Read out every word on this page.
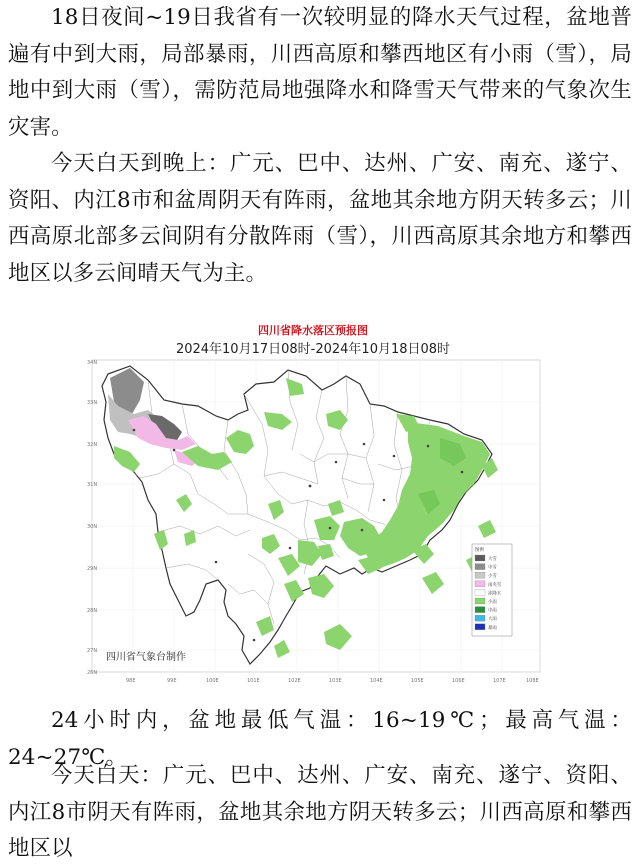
18日夜间~19日我省有一次较明显的降水天气过程，盆地普遍有中到大雨，局部暴雨，川西高原和攀西地区有小雨（雪），局地中到大雨（雪），需防范局地强降水和降雪天气带来的气象次生灾害。

今天白天到晚上：广元、巴中、达州、广安、南充、遂宁、资阳、内江8市和盆周阴天有阵雨，盆地其余地方阴天转多云；川西高原北部多云间阴有分散阵雨（雪），川西高原其余地方和攀西地区以多云间晴天气为主。

四川省降水落区预报图
2024年10月17日08时-2024年10月18日08时
34N
33N
32N
31N
30N
29N
28N
27N
26N
98E	99E	100E	101E	102E	103E	104E	105E	106E	107E	108E
图例
大雪
中雪
小雪
雨夹雪
冻降水
小雨
中雨
大雨
暴雨
四川省气象台制作

24小时内，盆地最低气温：16~19℃；最高气温：24~27℃。

今天白天：广元、巴中、达州、广安、南充、遂宁、资阳、内江8市阴天有阵雨，盆地其余地方阴天转多云；川西高原和攀西地区以
